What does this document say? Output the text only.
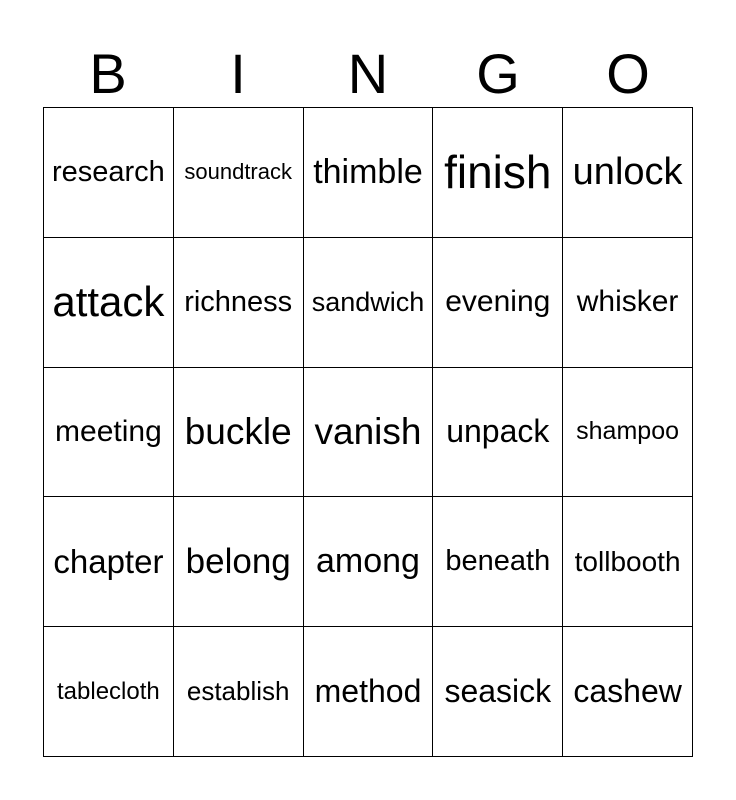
B	I	N	G	O
research soundtrack thimble finish unlock
attack richness sandwich evening whisker
meeting buckle vanish unpack	shampoo
chapter belong among beneath tollbooth
tablecloth	establish method seasick cashew
